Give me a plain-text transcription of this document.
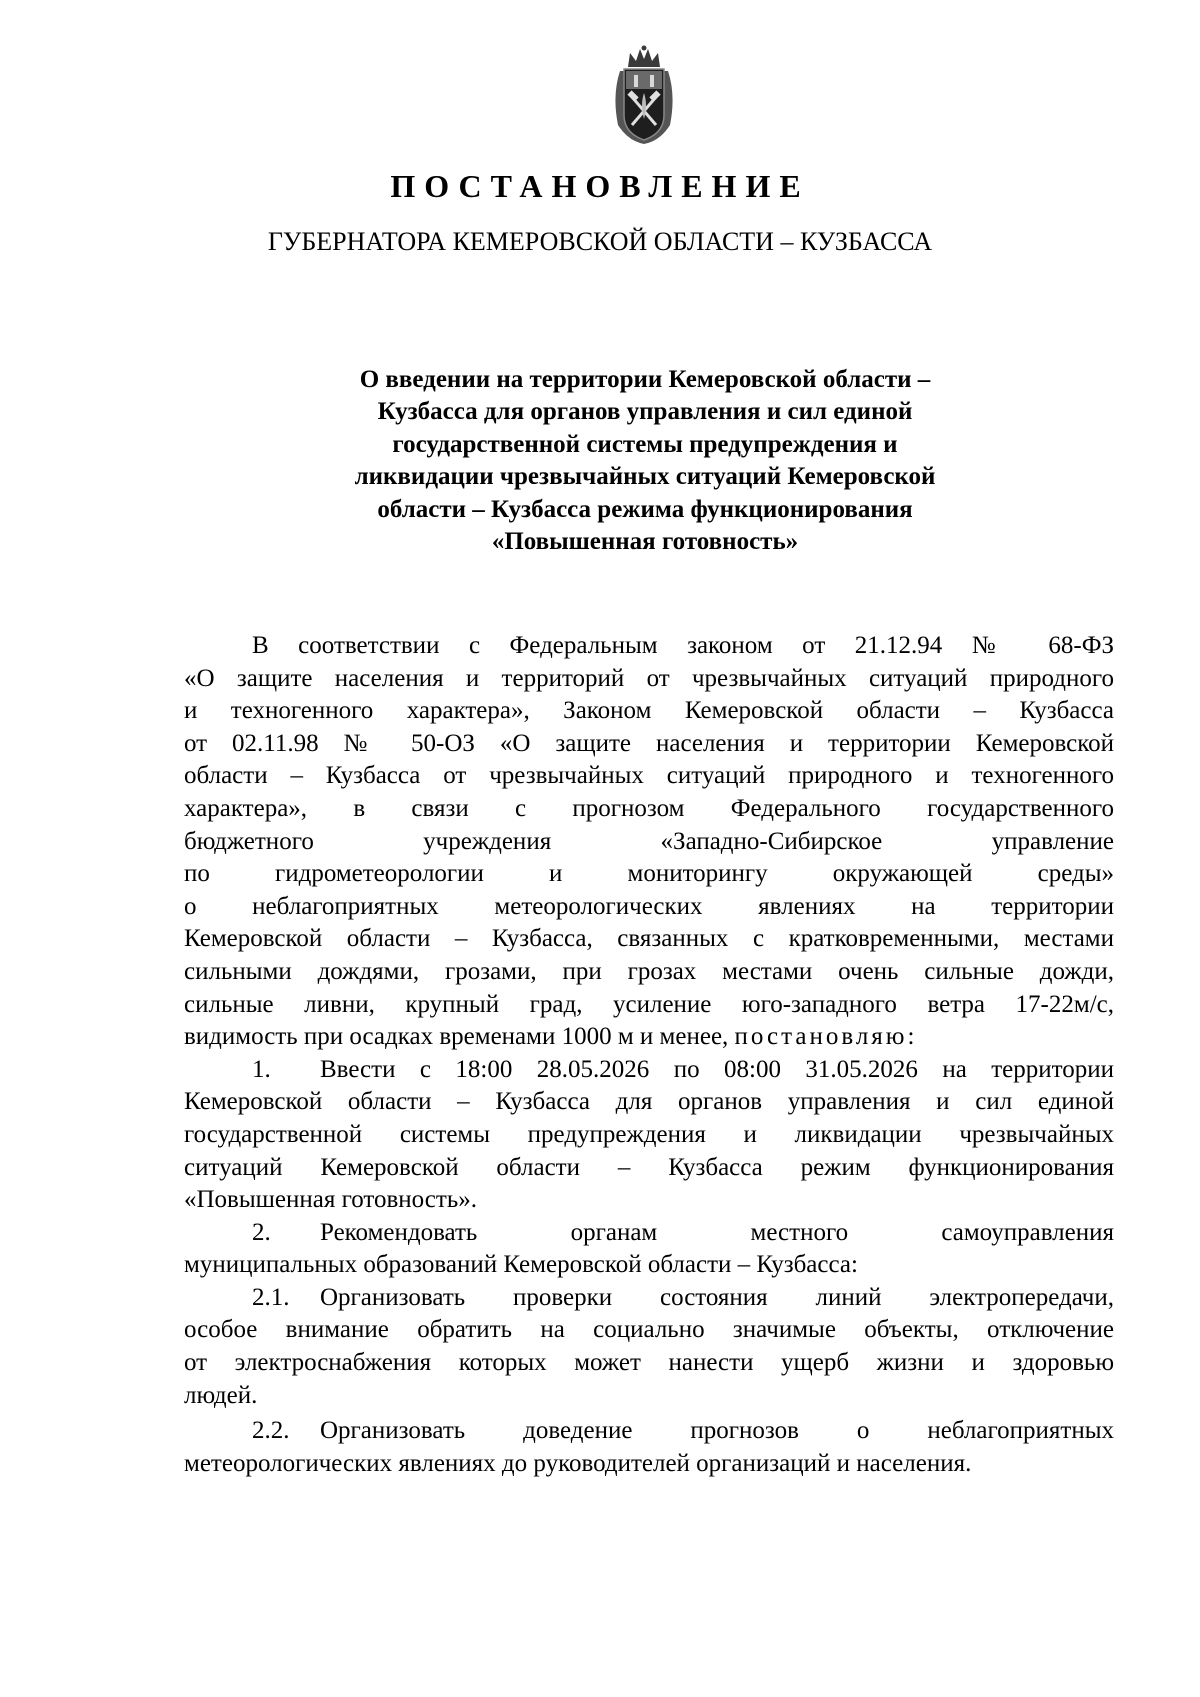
ПОСТАНОВЛЕНИЕ
ГУБЕРНАТОРА КЕМЕРОВСКОЙ ОБЛАСТИ – КУЗБАССА
О введении на территории Кемеровской области –
Кузбасса для органов управления и сил единой
государственной системы предупреждения и
ликвидации чрезвычайных ситуаций Кемеровской
области – Кузбасса режима функционирования
«Повышенная готовность»
В соответствии с Федеральным законом от 21.12.94 № 68-ФЗ
«О защите населения и территорий от чрезвычайных ситуаций природного
и техногенного характера», Законом Кемеровской области – Кузбасса
от 02.11.98 № 50-ОЗ «О защите населения и территории Кемеровской
области – Кузбасса от чрезвычайных ситуаций природного и техногенного
характера», в связи с прогнозом Федерального государственного
бюджетного учреждения «Западно-Сибирское управление
по гидрометеорологии и мониторингу окружающей среды»
о неблагоприятных метеорологических явлениях на территории
Кемеровской области – Кузбасса, связанных с кратковременными, местами
сильными дождями, грозами, при грозах местами очень сильные дожди,
сильные ливни, крупный град, усиление юго-западного ветра 17-22м/с,
видимость при осадках временами 1000 м и менее, постановляю:
1. Ввести с 18:00 28.05.2026 по 08:00 31.05.2026 на территории
Кемеровской области – Кузбасса для органов управления и сил единой
государственной системы предупреждения и ликвидации чрезвычайных
ситуаций Кемеровской области – Кузбасса режим функционирования
«Повышенная готовность».
2. Рекомендовать органам местного самоуправления
муниципальных образований Кемеровской области – Кузбасса:
2.1. Организовать проверки состояния линий электропередачи,
особое внимание обратить на социально значимые объекты, отключение
от электроснабжения которых может нанести ущерб жизни и здоровью
людей.
2.2. Организовать доведение прогнозов о неблагоприятных
метеорологических явлениях до руководителей организаций и населения.
